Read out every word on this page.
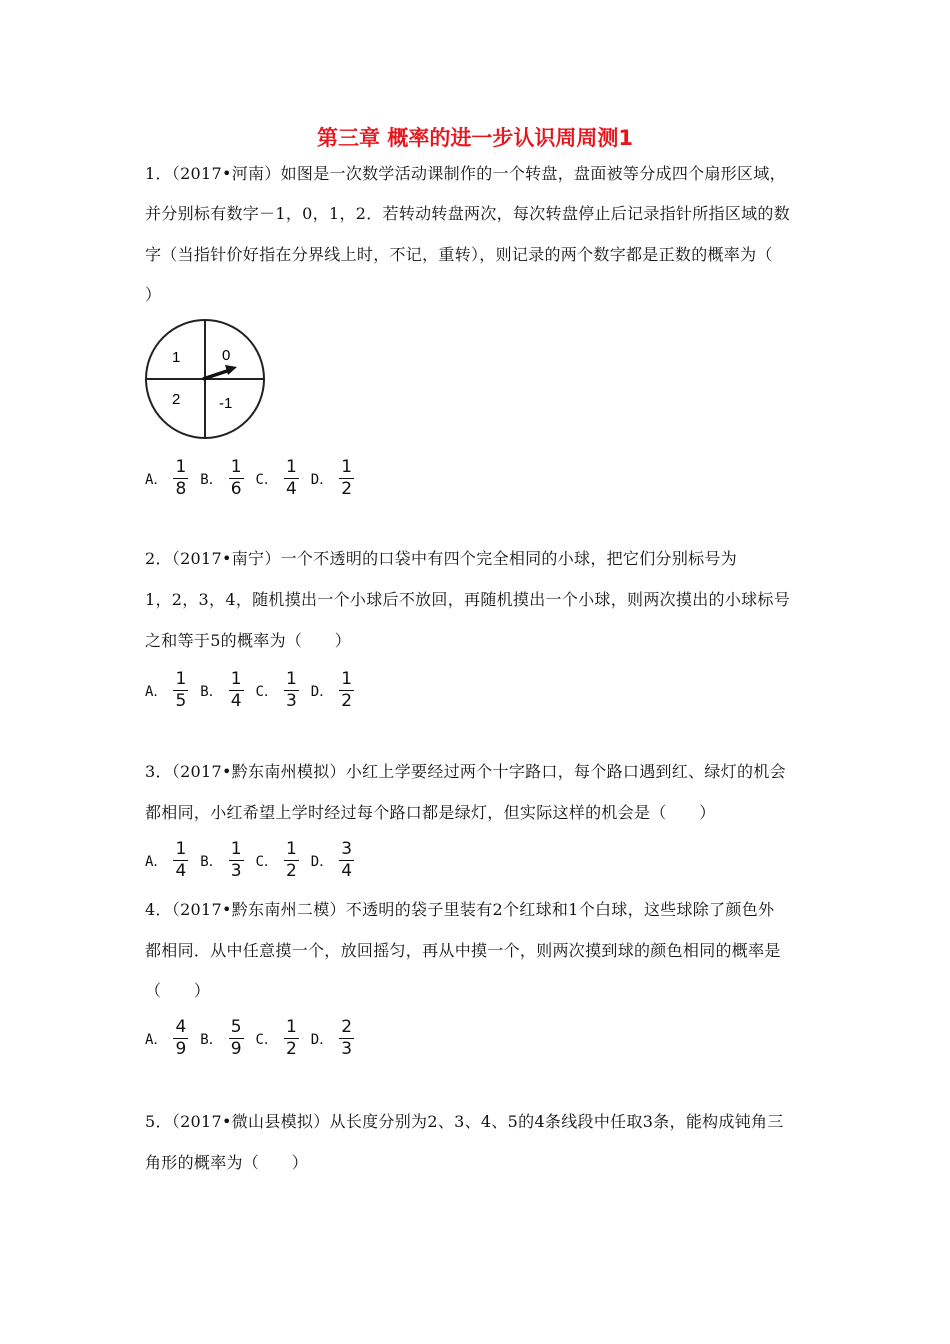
第三章 概率的进一步认识周周测1
1．（2017•河南）如图是一次数学活动课制作的一个转盘，盘面被等分成四个扇形区域，
并分别标有数字－1，0，1，2．若转动转盘两次，每次转盘停止后记录指针所指区域的数
字（当指针价好指在分界线上时，不记，重转），则记录的两个数字都是正数的概率为（
）
1	0
2	-1
A． $\frac{1}{8}$ B． $\frac{1}{6}$ C． $\frac{1}{4}$ D． $\frac{1}{2}$
2．（2017•南宁）一个不透明的口袋中有四个完全相同的小球，把它们分别标号为
1，2，3，4，随机摸出一个小球后不放回，再随机摸出一个小球，则两次摸出的小球标号
之和等于5的概率为（　　）
A． $\frac{1}{5}$ B． $\frac{1}{4}$ C． $\frac{1}{3}$ D． $\frac{1}{2}$
3．（2017•黔东南州模拟）小红上学要经过两个十字路口，每个路口遇到红、绿灯的机会
都相同，小红希望上学时经过每个路口都是绿灯，但实际这样的机会是（　　）
A． $\frac{1}{4}$ B． $\frac{1}{3}$ C． $\frac{1}{2}$ D． $\frac{3}{4}$
4．（2017•黔东南州二模）不透明的袋子里装有2个红球和1个白球，这些球除了颜色外
都相同．从中任意摸一个，放回摇匀，再从中摸一个，则两次摸到球的颜色相同的概率是
（　　）
A． $\frac{4}{9}$ B． $\frac{5}{9}$ C． $\frac{1}{2}$ D． $\frac{2}{3}$
5．（2017•微山县模拟）从长度分别为2、3、4、5的4条线段中任取3条，能构成钝角三
角形的概率为（　　）
